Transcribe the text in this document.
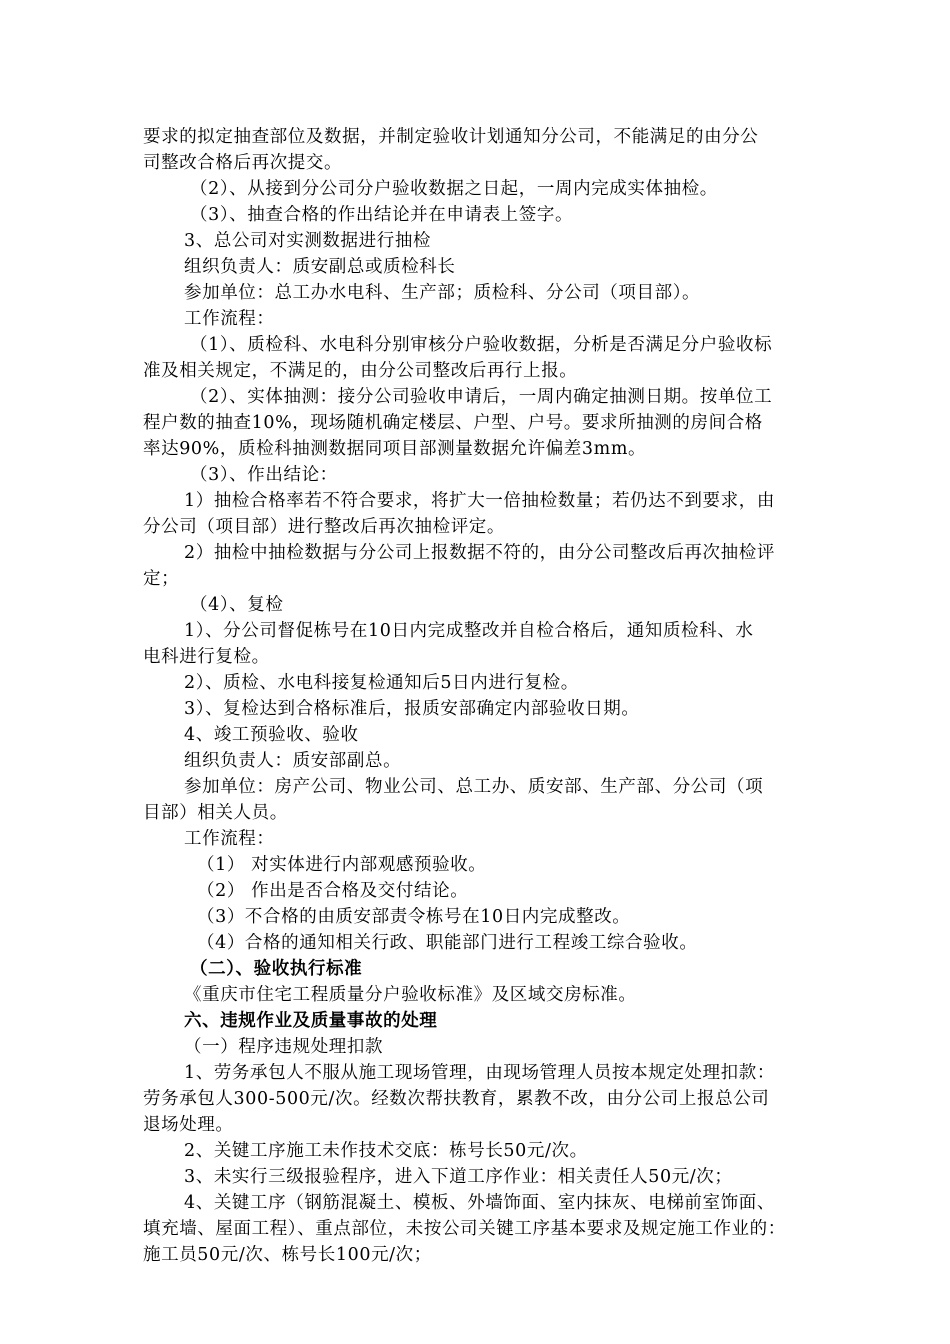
要求的拟定抽查部位及数据，并制定验收计划通知分公司，不能满足的由分公
司整改合格后再次提交。
（2）、从接到分公司分户验收数据之日起，一周内完成实体抽检。
（3）、抽查合格的作出结论并在申请表上签字。
3、总公司对实测数据进行抽检
组织负责人：质安副总或质检科长
参加单位：总工办水电科、生产部；质检科、分公司（项目部）。
工作流程：
（1）、质检科、水电科分别审核分户验收数据，分析是否满足分户验收标
准及相关规定，不满足的，由分公司整改后再行上报。
（2）、实体抽测：接分公司验收申请后，一周内确定抽测日期。按单位工
程户数的抽查10%，现场随机确定楼层、户型、户号。要求所抽测的房间合格
率达90%，质检科抽测数据同项目部测量数据允许偏差3mm。
（3）、作出结论：
1）抽检合格率若不符合要求，将扩大一倍抽检数量；若仍达不到要求，由
分公司（项目部）进行整改后再次抽检评定。
2）抽检中抽检数据与分公司上报数据不符的，由分公司整改后再次抽检评
定；
（4）、复检
1）、分公司督促栋号在10日内完成整改并自检合格后，通知质检科、水
电科进行复检。
2）、质检、水电科接复检通知后5日内进行复检。
3）、复检达到合格标准后，报质安部确定内部验收日期。
4、竣工预验收、验收
组织负责人：质安部副总。
参加单位：房产公司、物业公司、总工办、质安部、生产部、分公司（项
目部）相关人员。
工作流程：
（1） 对实体进行内部观感预验收。
（2） 作出是否合格及交付结论。
（3）不合格的由质安部责令栋号在10日内完成整改。
（4）合格的通知相关行政、职能部门进行工程竣工综合验收。
（二）、验收执行标准
《重庆市住宅工程质量分户验收标准》及区域交房标准。
六、违规作业及质量事故的处理
（一）程序违规处理扣款
1、劳务承包人不服从施工现场管理，由现场管理人员按本规定处理扣款：
劳务承包人300-500元/次。经数次帮扶教育，累教不改，由分公司上报总公司
退场处理。
2、关键工序施工未作技术交底：栋号长50元/次。
3、未实行三级报验程序，进入下道工序作业：相关责任人50元/次；
4、关键工序（钢筋混凝土、模板、外墙饰面、室内抹灰、电梯前室饰面、
填充墙、屋面工程）、重点部位，未按公司关键工序基本要求及规定施工作业的：
施工员50元/次、栋号长100元/次；
